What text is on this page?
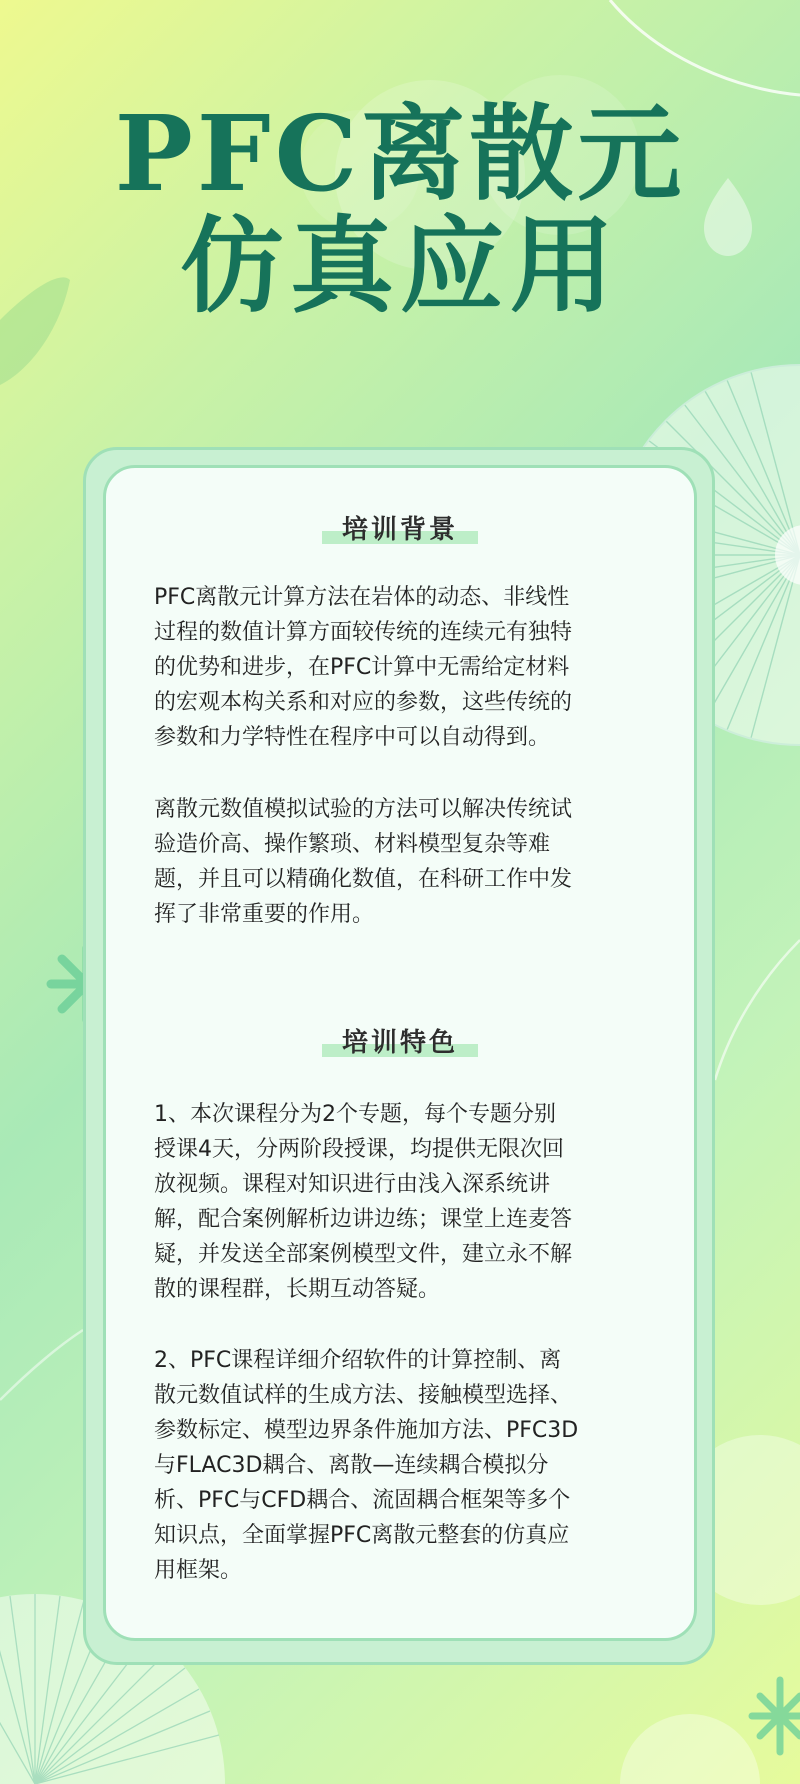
PFC离散元
仿真应用
培训背景

PFC离散元计算方法在岩体的动态、非线性
过程的数值计算方面较传统的连续元有独特
的优势和进步，在PFC计算中无需给定材料
的宏观本构关系和对应的参数，这些传统的
参数和力学特性在程序中可以自动得到。

离散元数值模拟试验的方法可以解决传统试
验造价高、操作繁琐、材料模型复杂等难
题，并且可以精确化数值，在科研工作中发
挥了非常重要的作用。

培训特色

1、本次课程分为2个专题，每个专题分别
授课4天，分两阶段授课，均提供无限次回
放视频。课程对知识进行由浅入深系统讲
解，配合案例解析边讲边练；课堂上连麦答
疑，并发送全部案例模型文件，建立永不解
散的课程群，长期互动答疑。

2、PFC课程详细介绍软件的计算控制、离
散元数值试样的生成方法、接触模型选择、
参数标定、模型边界条件施加方法、PFC3D
与FLAC3D耦合、离散—连续耦合模拟分
析、PFC与CFD耦合、流固耦合框架等多个
知识点，全面掌握PFC离散元整套的仿真应
用框架。
